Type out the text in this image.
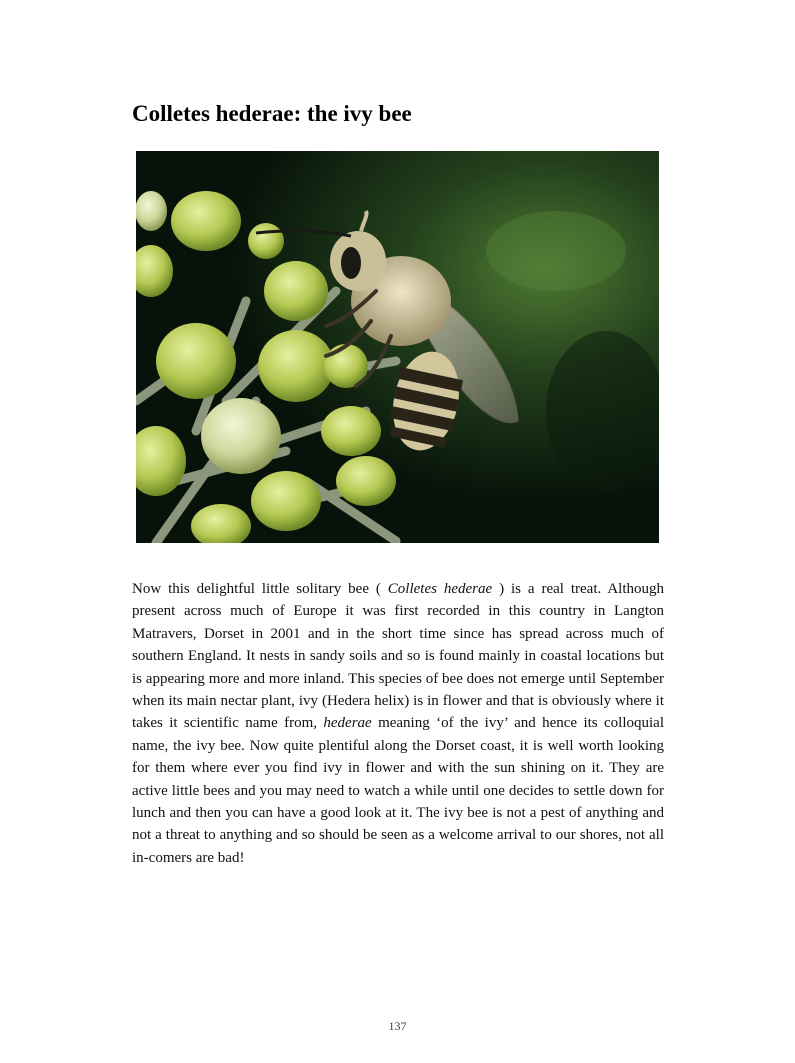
Colletes hederae: the ivy bee

Now this delightful little solitary bee ( Colletes hederae ) is a real treat. Although present across much of Europe it was first recorded in this country in Langton Matravers, Dorset in 2001 and in the short time since has spread across much of southern England. It nests in sandy soils and so is found mainly in coastal locations but is appearing more and more inland. This species of bee does not emerge until September when its main nectar plant, ivy (Hedera helix) is in flower and that is obviously where it takes it scientific name from, hederae meaning ‘of the ivy’ and hence its colloquial name, the ivy bee. Now quite plentiful along the Dorset coast, it is well worth looking for them where ever you find ivy in flower and with the sun shining on it. They are active little bees and you may need to watch a while until one decides to settle down for lunch and then you can have a good look at it. The ivy bee is not a pest of anything and not a threat to anything and so should be seen as a welcome arrival to our shores, not all in-comers are bad!

137
